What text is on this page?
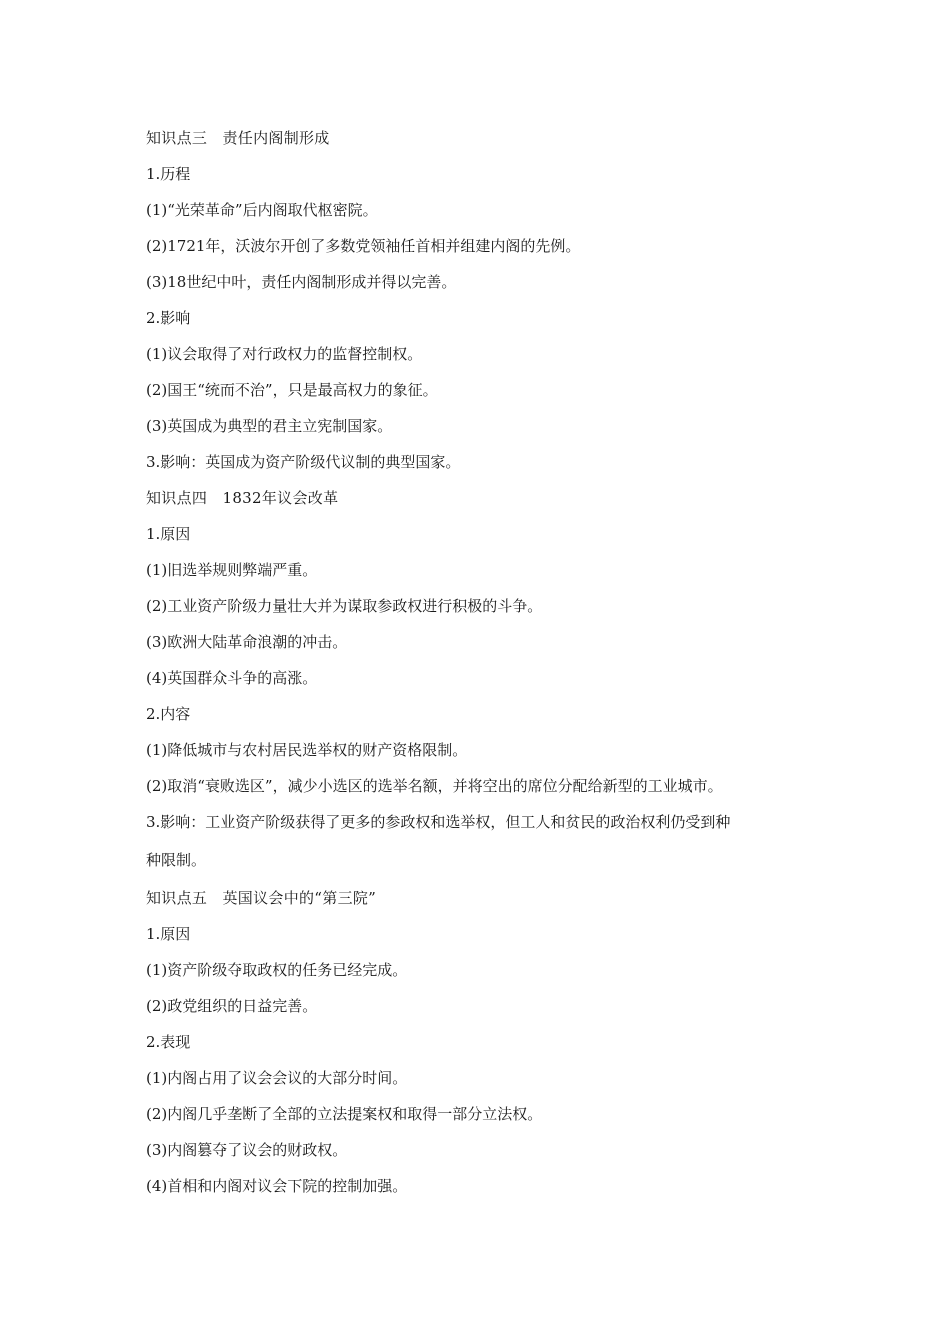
知识点三　责任内阁制形成
1.历程
(1)“光荣革命”后内阁取代枢密院。
(2)1721年，沃波尔开创了多数党领袖任首相并组建内阁的先例。
(3)18世纪中叶，责任内阁制形成并得以完善。
2.影响
(1)议会取得了对行政权力的监督控制权。
(2)国王“统而不治”，只是最高权力的象征。
(3)英国成为典型的君主立宪制国家。
3.影响：英国成为资产阶级代议制的典型国家。
知识点四　1832年议会改革
1.原因
(1)旧选举规则弊端严重。
(2)工业资产阶级力量壮大并为谋取参政权进行积极的斗争。
(3)欧洲大陆革命浪潮的冲击。
(4)英国群众斗争的高涨。
2.内容
(1)降低城市与农村居民选举权的财产资格限制。
(2)取消“衰败选区”，减少小选区的选举名额，并将空出的席位分配给新型的工业城市。
3.影响：工业资产阶级获得了更多的参政权和选举权，但工人和贫民的政治权利仍受到种
种限制。
知识点五　英国议会中的“第三院”
1.原因
(1)资产阶级夺取政权的任务已经完成。
(2)政党组织的日益完善。
2.表现
(1)内阁占用了议会会议的大部分时间。
(2)内阁几乎垄断了全部的立法提案权和取得一部分立法权。
(3)内阁篡夺了议会的财政权。
(4)首相和内阁对议会下院的控制加强。
